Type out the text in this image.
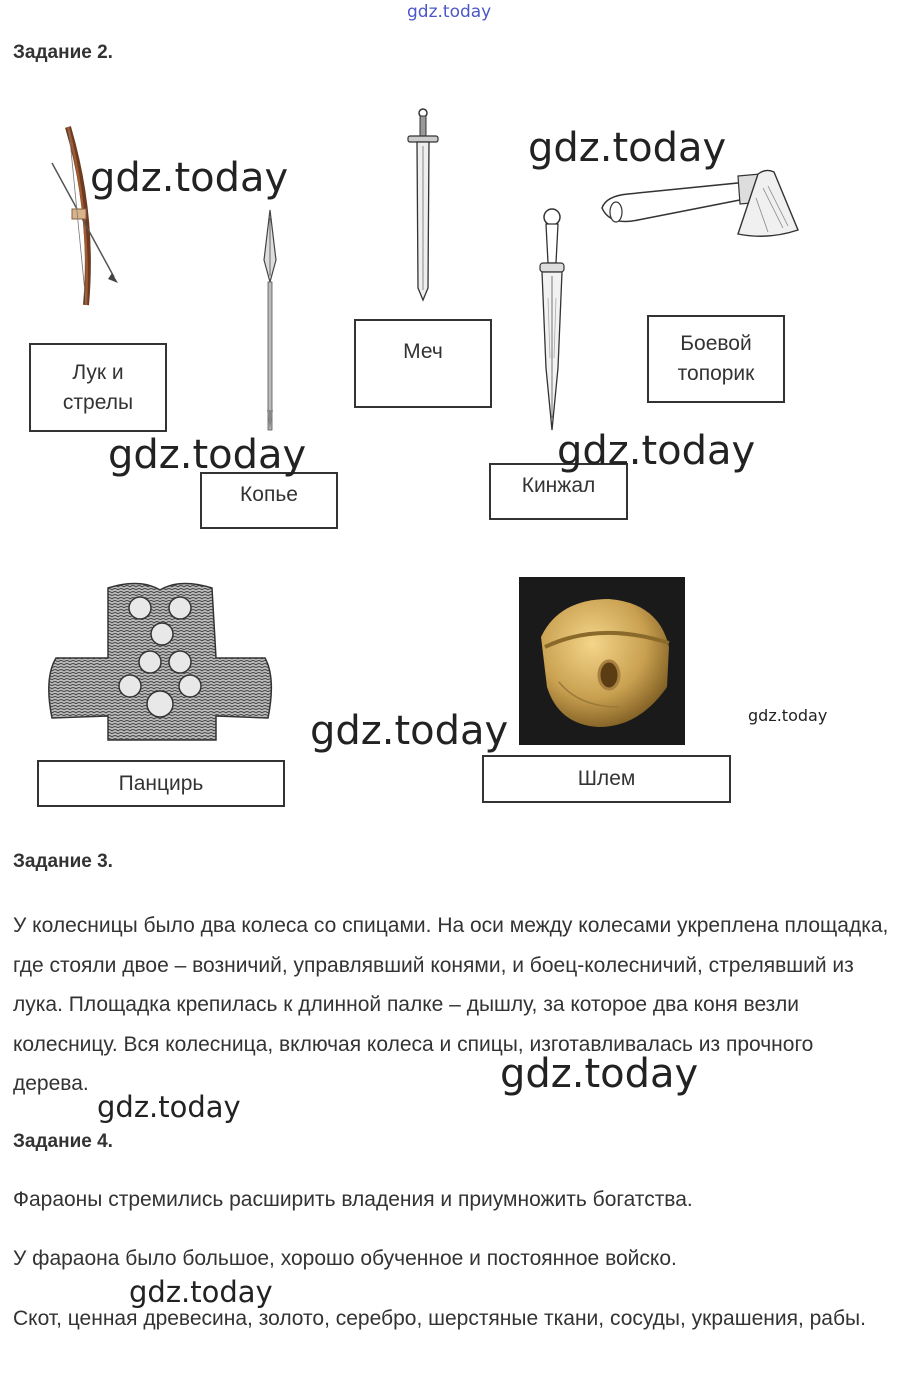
gdz.today
Задание 2.
gdz.today
gdz.today
Лук и
стрелы
Меч	Боевой
топорик
Копье	Кинжал
gdz.today	gdz.today
gdz.today	gdz.today
Панцирь	Шлем
Задание 3.
У колесницы было два колеса со спицами. На оси между колесами укреплена площадка, где стояли двое – возничий, управлявший конями, и боец-колесничий, стрелявший из лука. Площадка крепилась к длинной палке – дышлу, за которое два коня везли колесницу. Вся колесница, включая колеса и спицы, изготавливалась из прочного дерева.	gdz.today
gdz.today
Задание 4.
Фараоны стремились расширить владения и приумножить богатства.
У фараона было большое, хорошо обученное и постоянное войско.
gdz.today
Скот, ценная древесина, золото, серебро, шерстяные ткани, сосуды, украшения, рабы.
